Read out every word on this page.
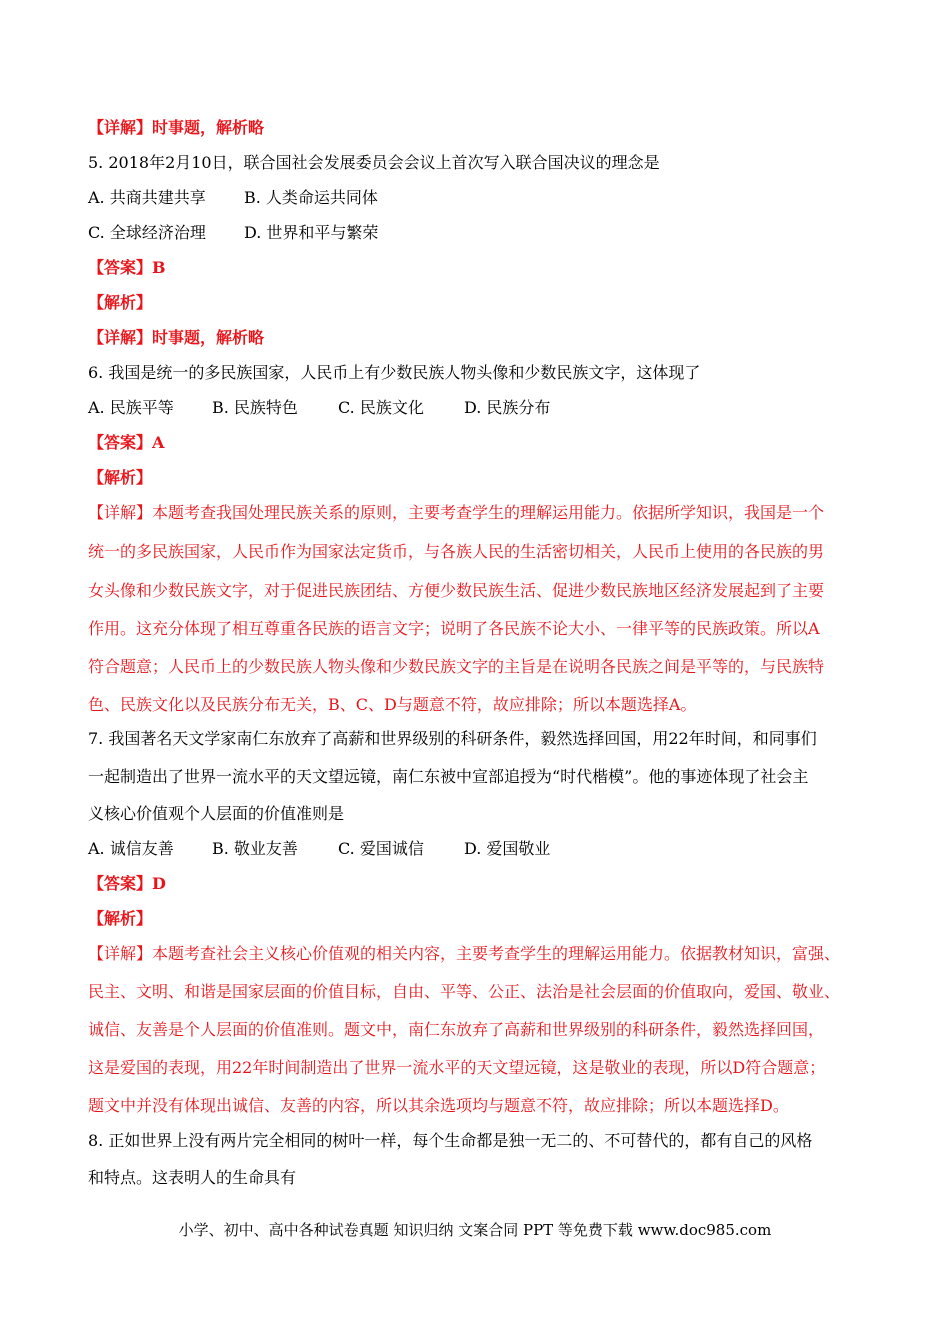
【详解】时事题，解析略
5. 2018年2月10日，联合国社会发展委员会会议上首次写入联合国决议的理念是
A. 共商共建共享 B. 人类命运共同体
C. 全球经济治理 D. 世界和平与繁荣
【答案】B
【解析】
【详解】时事题，解析略
6. 我国是统一的多民族国家，人民币上有少数民族人物头像和少数民族文字，这体现了
A. 民族平等 B. 民族特色	C. 民族文化	D. 民族分布
【答案】A
【解析】
【详解】本题考查我国处理民族关系的原则，主要考查学生的理解运用能力。依据所学知识，我国是一个
统一的多民族国家，人民币作为国家法定货币，与各族人民的生活密切相关，人民币上使用的各民族的男
女头像和少数民族文字，对于促进民族团结、方便少数民族生活、促进少数民族地区经济发展起到了主要
作用。这充分体现了相互尊重各民族的语言文字；说明了各民族不论大小、一律平等的民族政策。所以A
符合题意；人民币上的少数民族人物头像和少数民族文字的主旨是在说明各民族之间是平等的，与民族特
色、民族文化以及民族分布无关，B、C、D与题意不符，故应排除；所以本题选择A。
7. 我国著名天文学家南仁东放弃了高薪和世界级别的科研条件，毅然选择回国，用22年时间，和同事们
一起制造出了世界一流水平的天文望远镜，南仁东被中宣部追授为“时代楷模”。他的事迹体现了社会主
义核心价值观个人层面的价值准则是
A. 诚信友善 B. 敬业友善	C. 爱国诚信	D. 爱国敬业
【答案】D
【解析】
【详解】本题考查社会主义核心价值观的相关内容，主要考查学生的理解运用能力。依据教材知识，富强、
民主、文明、和谐是国家层面的价值目标，自由、平等、公正、法治是社会层面的价值取向，爱国、敬业、
诚信、友善是个人层面的价值准则。题文中，南仁东放弃了高薪和世界级别的科研条件，毅然选择回国，
这是爱国的表现，用22年时间制造出了世界一流水平的天文望远镜，这是敬业的表现，所以D符合题意；
题文中并没有体现出诚信、友善的内容，所以其余选项均与题意不符，故应排除；所以本题选择D。
8. 正如世界上没有两片完全相同的树叶一样，每个生命都是独一无二的、不可替代的，都有自己的风格
和特点。这表明人的生命具有
小学、初中、高中各种试卷真题 知识归纳 文案合同 PPT 等免费下载 www.doc985.com
